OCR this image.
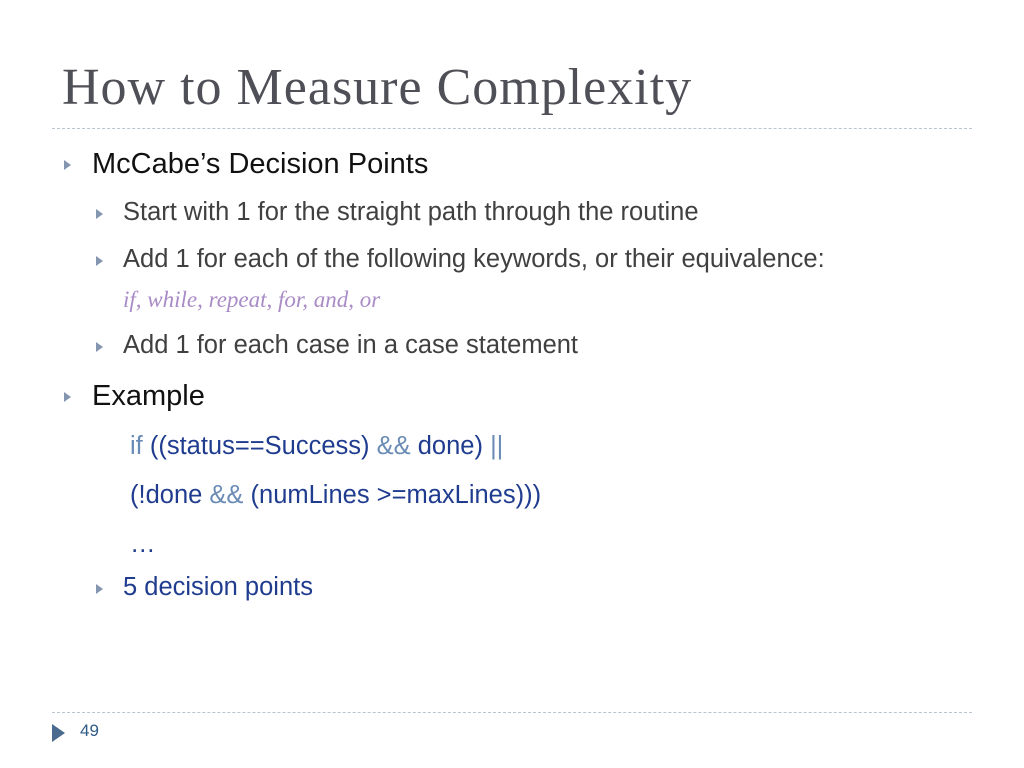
How to Measure Complexity
McCabe’s Decision Points
Start with 1 for the straight path through the routine
Add 1 for each of the following keywords, or their equivalence:
if, while, repeat, for, and, or
Add 1 for each case in a case statement
Example
if ((status==Success) && done) ||
(!done && (numLines >=maxLines)))
…
5 decision points
49
